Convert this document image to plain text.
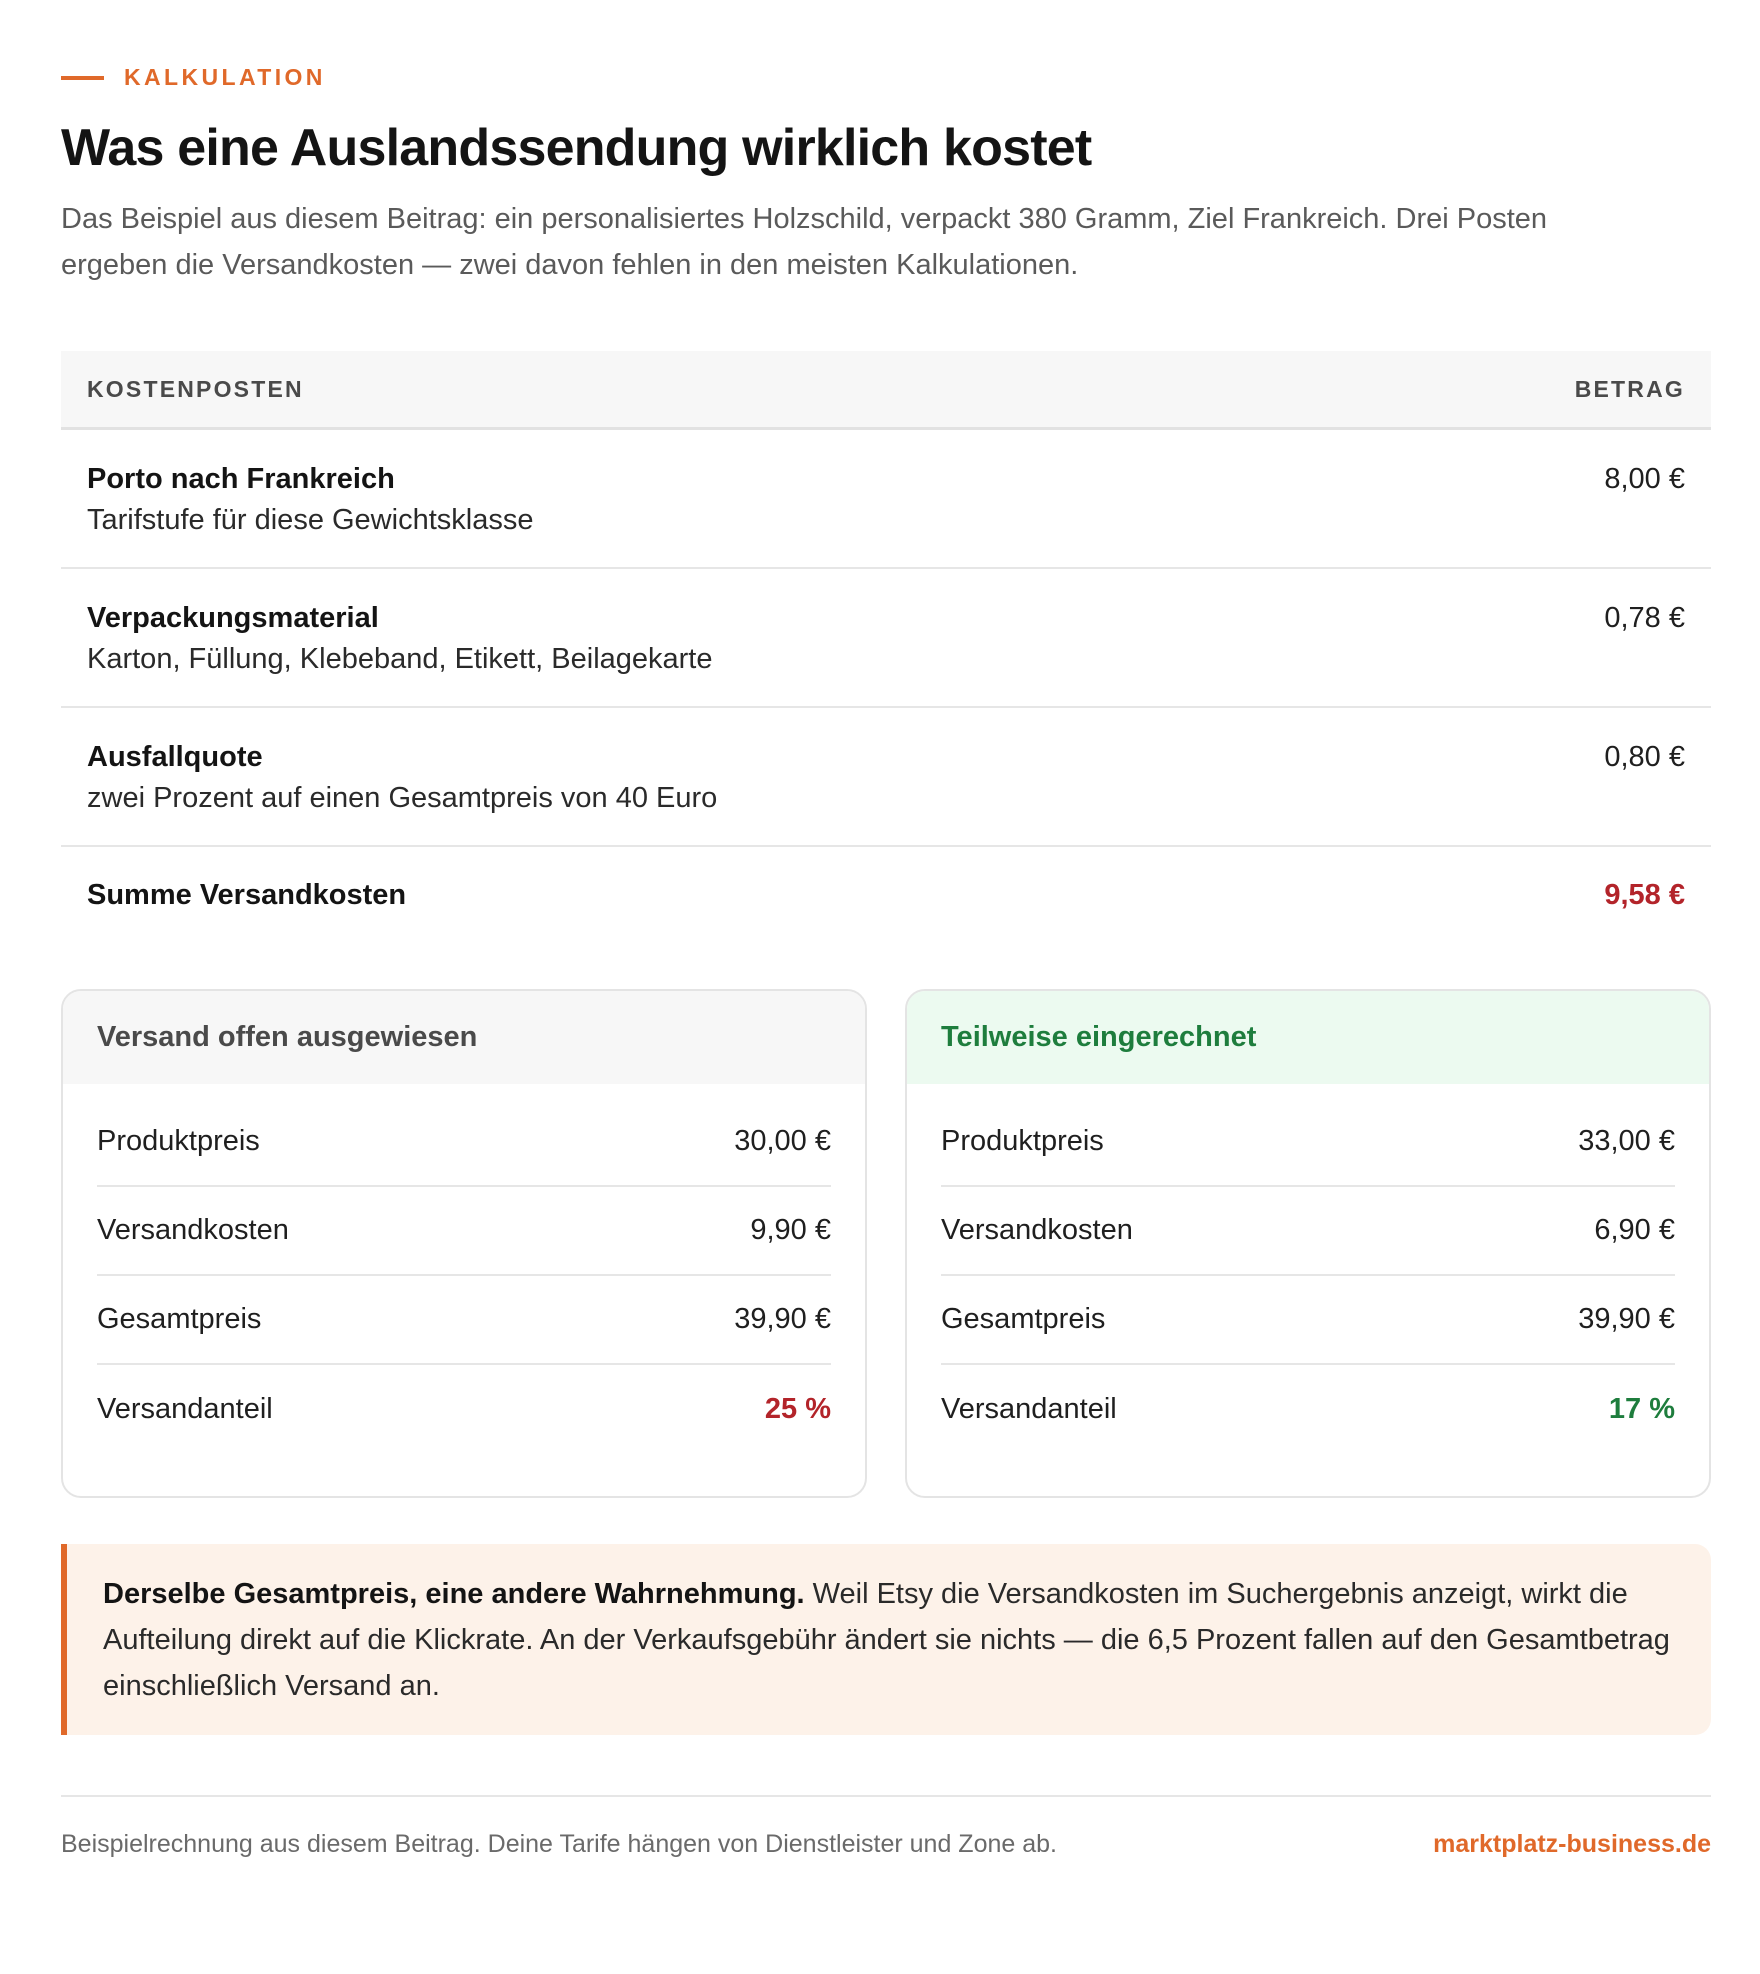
KALKULATION
Was eine Auslandssendung wirklich kostet

Das Beispiel aus diesem Beitrag: ein personalisiertes Holzschild, verpackt 380 Gramm, Ziel Frankreich. Drei Posten ergeben die Versandkosten — zwei davon fehlen in den meisten Kalkulationen.

KOSTENPOSTEN	BETRAG
Porto nach Frankreich
Tarifstufe für diese Gewichtsklasse
8,00 €
Verpackungsmaterial
Karton, Füllung, Klebeband, Etikett, Beilagekarte
0,78 €
Ausfallquote
zwei Prozent auf einen Gesamtpreis von 40 Euro
0,80 €
Summe Versandkosten	9,58 €
Versand offen ausgewiesen
Produktpreis	30,00 €
Versandkosten	9,90 €
Gesamtpreis	39,90 €
Versandanteil	25 %
Teilweise eingerechnet
Produktpreis	33,00 €
Versandkosten	6,90 €
Gesamtpreis	39,90 €
Versandanteil	17 %
Derselbe Gesamtpreis, eine andere Wahrnehmung. Weil Etsy die Versandkosten im Suchergebnis anzeigt, wirkt die Aufteilung direkt auf die Klickrate. An der Verkaufsgebühr ändert sie nichts — die 6,5 Prozent fallen auf den Gesamtbetrag einschließlich Versand an.
Beispielrechnung aus diesem Beitrag. Deine Tarife hängen von Dienstleister und Zone ab.	marktplatz-business.de
